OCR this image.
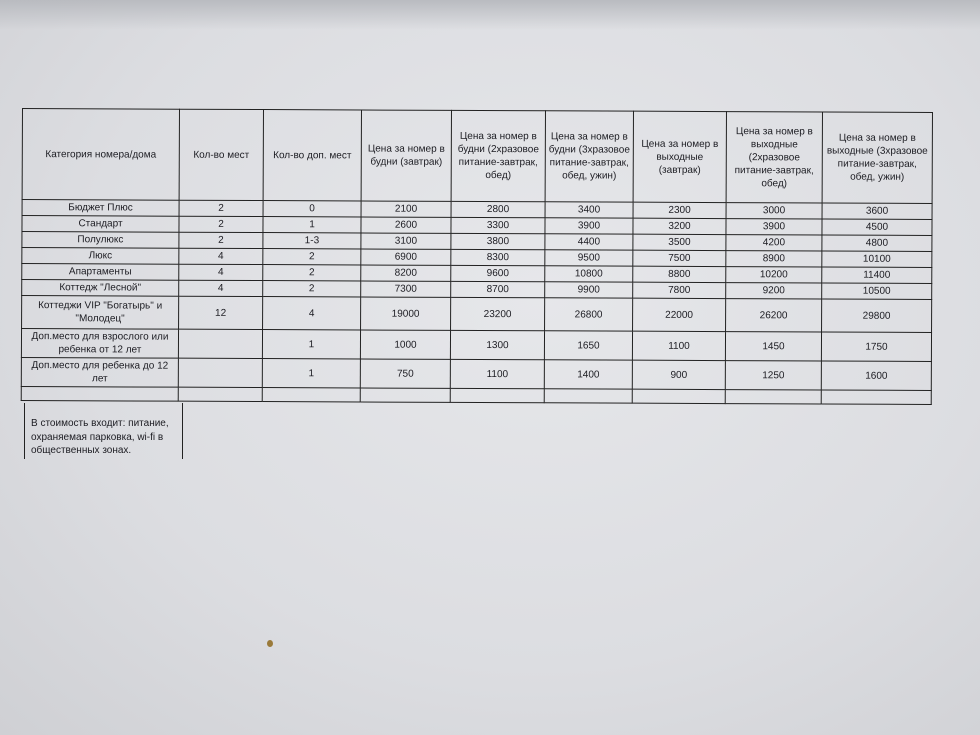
Категория номера/дома	Кол-во мест	Кол-во доп. мест	Цена за номер в будни (завтрак)	Цена за номер в будни (2хразовое питание-завтрак, обед)	Цена за номер в будни (3хразовое питание-завтрак, обед, ужин)	Цена за номер в выходные (завтрак)	Цена за номер в выходные (2хразовое питание-завтрак, обед)	Цена за номер в выходные (3хразовое питание-завтрак, обед, ужин)
Бюджет Плюс	2	0	2100	2800	3400	2300	3000	3600
Стандарт	2	1	2600	3300	3900	3200	3900	4500
Полулюкс	2	1-3	3100	3800	4400	3500	4200	4800
Люкс	4	2	6900	8300	9500	7500	8900	10100
Апартаменты	4	2	8200	9600	10800	8800	10200	11400
Коттедж "Лесной"	4	2	7300	8700	9900	7800	9200	10500
Коттеджи VIP "Богатырь" и "Молодец"	12	4	19000	23200	26800	22000	26200	29800
Доп.место для взрослого или ребенка от 12 лет		1	1000	1300	1650	1100	1450	1750
Доп.место для ребенка до 12 лет		1	750	1100	1400	900	1250	1600

В стоимость входит: питание, охраняемая парковка, wi-fi в общественных зонах.
